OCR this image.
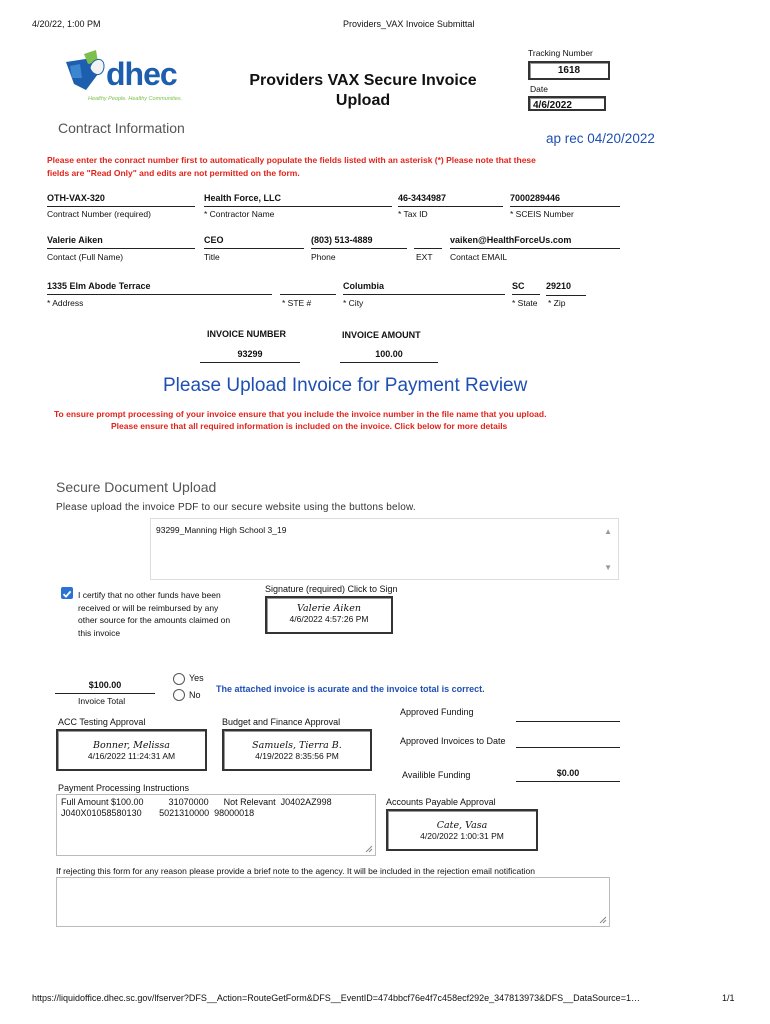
4/20/22, 1:00 PM	Providers_VAX Invoice Submittal
dhec
Healthy People. Healthy Communities.
Providers VAX Secure Invoice
Upload
Tracking Number
1618
Date
4/6/2022
Contract Information
ap rec 04/20/2022
Please enter the conract number first to automatically populate the fields listed with an asterisk (*) Please note that these
fields are "Read Only" and edits are not permitted on the form.
OTH-VAX-320
Contract Number (required)
Health Force, LLC
* Contractor Name
46-3434987
* Tax ID
7000289446
* SCEIS Number
Valerie Aiken
Contact (Full Name)
CEO
Title
(803) 513-4889
Phone	EXT
vaiken@HealthForceUs.com
Contact EMAIL
1335 Elm Abode Terrace
* Address	* STE #
Columbia
* City
SC
* State
29210
* Zip
INVOICE NUMBER
93299
INVOICE AMOUNT
100.00
Please Upload Invoice for Payment Review
To ensure prompt processing of your invoice ensure that you include the invoice number in the file name that you upload.
Please ensure that all required information is included on the invoice. Click below for more details
Secure Document Upload
Please upload the invoice PDF to our secure website using the buttons below.
93299_Manning High School 3_19	▲
▼
I certify that no other funds have been
received or will be reimbursed by any
other source for the amounts claimed on
this invoice
Signature (required) Click to Sign
Valerie Aiken
4/6/2022 4:57:26 PM
$100.00
Invoice Total
Yes
No
The attached invoice is acurate and the invoice total is correct.
ACC Testing Approval
Bonner, Melissa
4/16/2022 11:24:31 AM
Budget and Finance Approval
Samuels, Tierra B.
4/19/2022 8:35:56 PM
Approved Funding
Approved Invoices to Date
Availible Funding	$0.00
Payment Processing Instructions
Full Amount $100.00          31070000      Not Relevant  J0402AZ998
J040X01058580130       5021310000  98000018
Accounts Payable Approval
Cate, Vasa
4/20/2022 1:00:31 PM
If rejecting this form for any reason please provide a brief note to the agency. It will be included in the rejection email notification
https://liquidoffice.dhec.sc.gov/lfserver?DFS__Action=RouteGetForm&DFS__EventID=474bbcf76e4f7c458ecf292e_347813973&DFS__DataSource=1…	1/1
